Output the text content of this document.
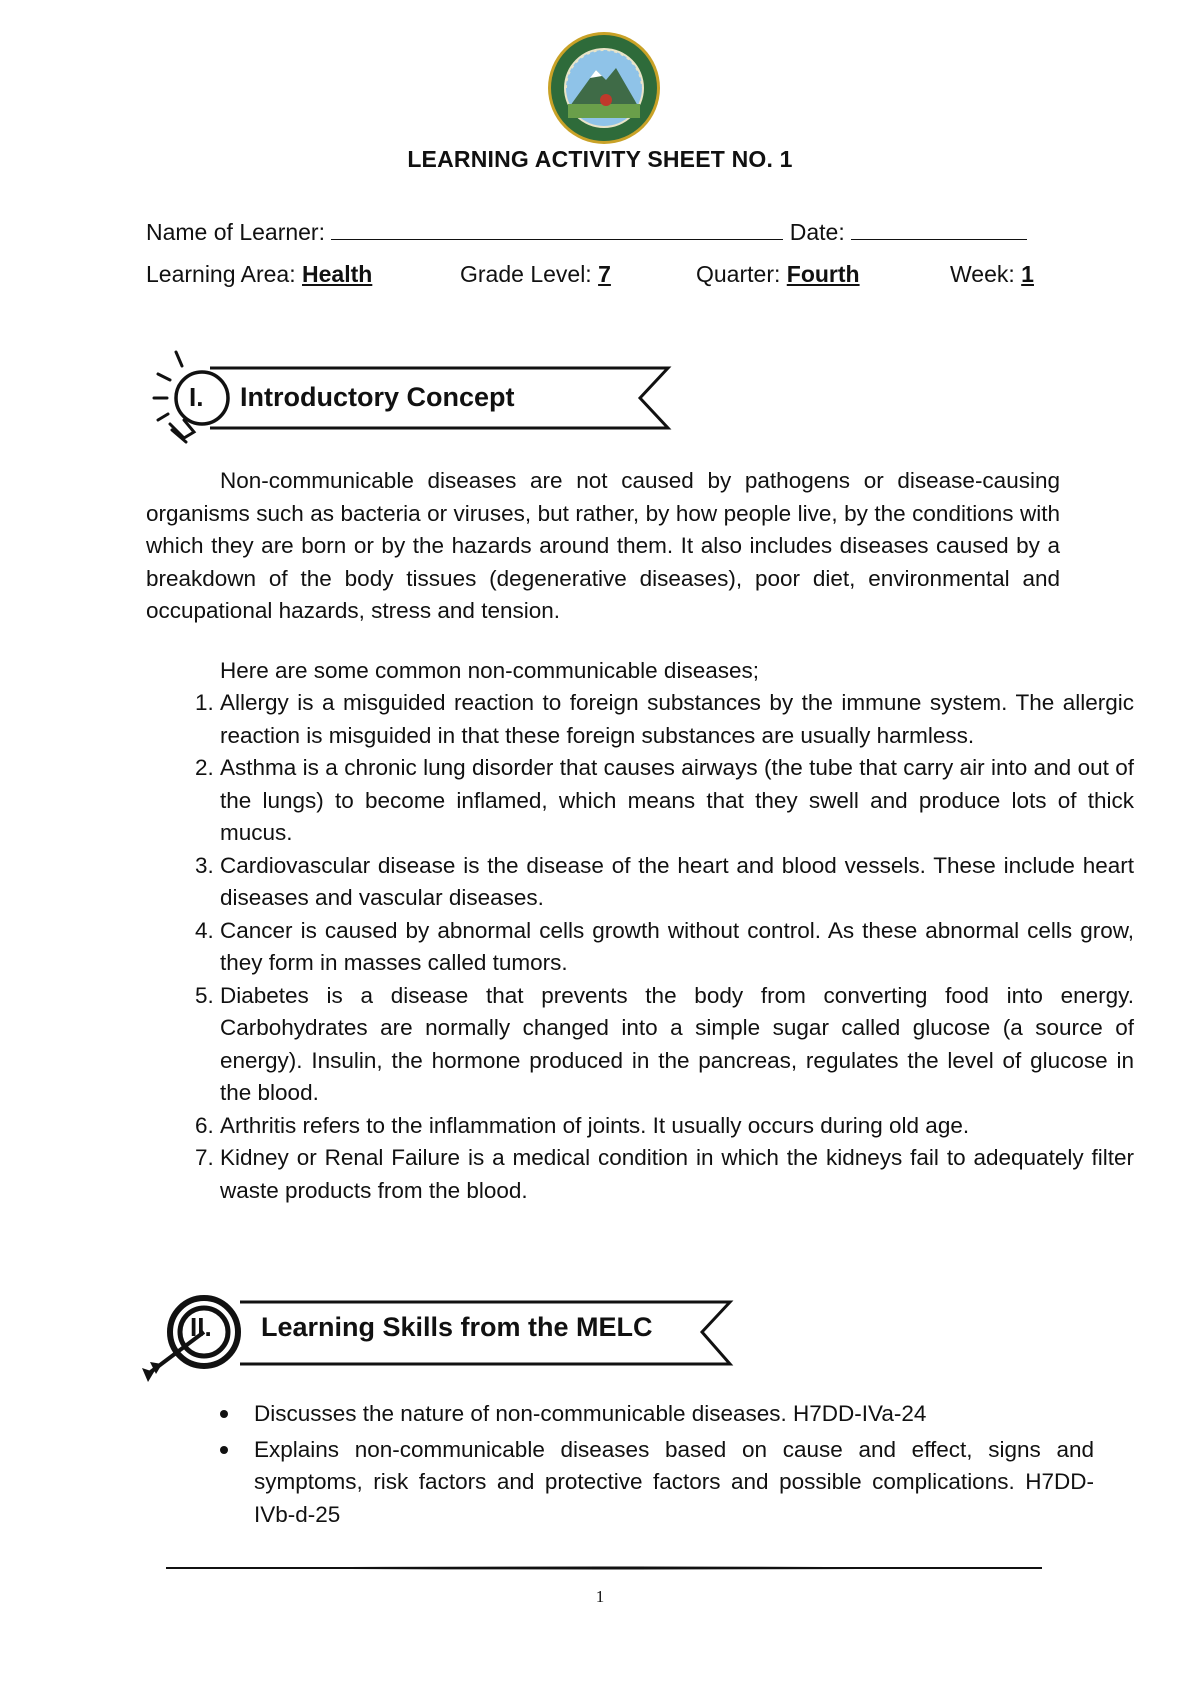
LEARNING ACTIVITY SHEET NO. 1
Name of Learner:	Date:
Learning Area: Health	Grade Level: 7	Quarter: Fourth	Week: 1
I. Introductory Concept
Non-communicable diseases are not caused by pathogens or disease-causing organisms such as bacteria or viruses, but rather, by how people live, by the conditions with which they are born or by the hazards around them. It also includes diseases caused by a breakdown of the body tissues (degenerative diseases), poor diet, environmental and occupational hazards, stress and tension.
Here are some common non-communicable diseases;
1. Allergy is a misguided reaction to foreign substances by the immune system. The allergic reaction is misguided in that these foreign substances are usually harmless.
2. Asthma is a chronic lung disorder that causes airways (the tube that carry air into and out of the lungs) to become inflamed, which means that they swell and produce lots of thick mucus.
3. Cardiovascular disease is the disease of the heart and blood vessels. These include heart diseases and vascular diseases.
4. Cancer is caused by abnormal cells growth without control. As these abnormal cells grow, they form in masses called tumors.
5. Diabetes is a disease that prevents the body from converting food into energy. Carbohydrates are normally changed into a simple sugar called glucose (a source of energy). Insulin, the hormone produced in the pancreas, regulates the level of glucose in the blood.
6. Arthritis refers to the inflammation of joints. It usually occurs during old age.
7. Kidney or Renal Failure is a medical condition in which the kidneys fail to adequately filter waste products from the blood.
II. Learning Skills from the MELC
Discusses the nature of non-communicable diseases. H7DD-IVa-24
Explains non-communicable diseases based on cause and effect, signs and symptoms, risk factors and protective factors and possible complications. H7DD-IVb-d-25
1
